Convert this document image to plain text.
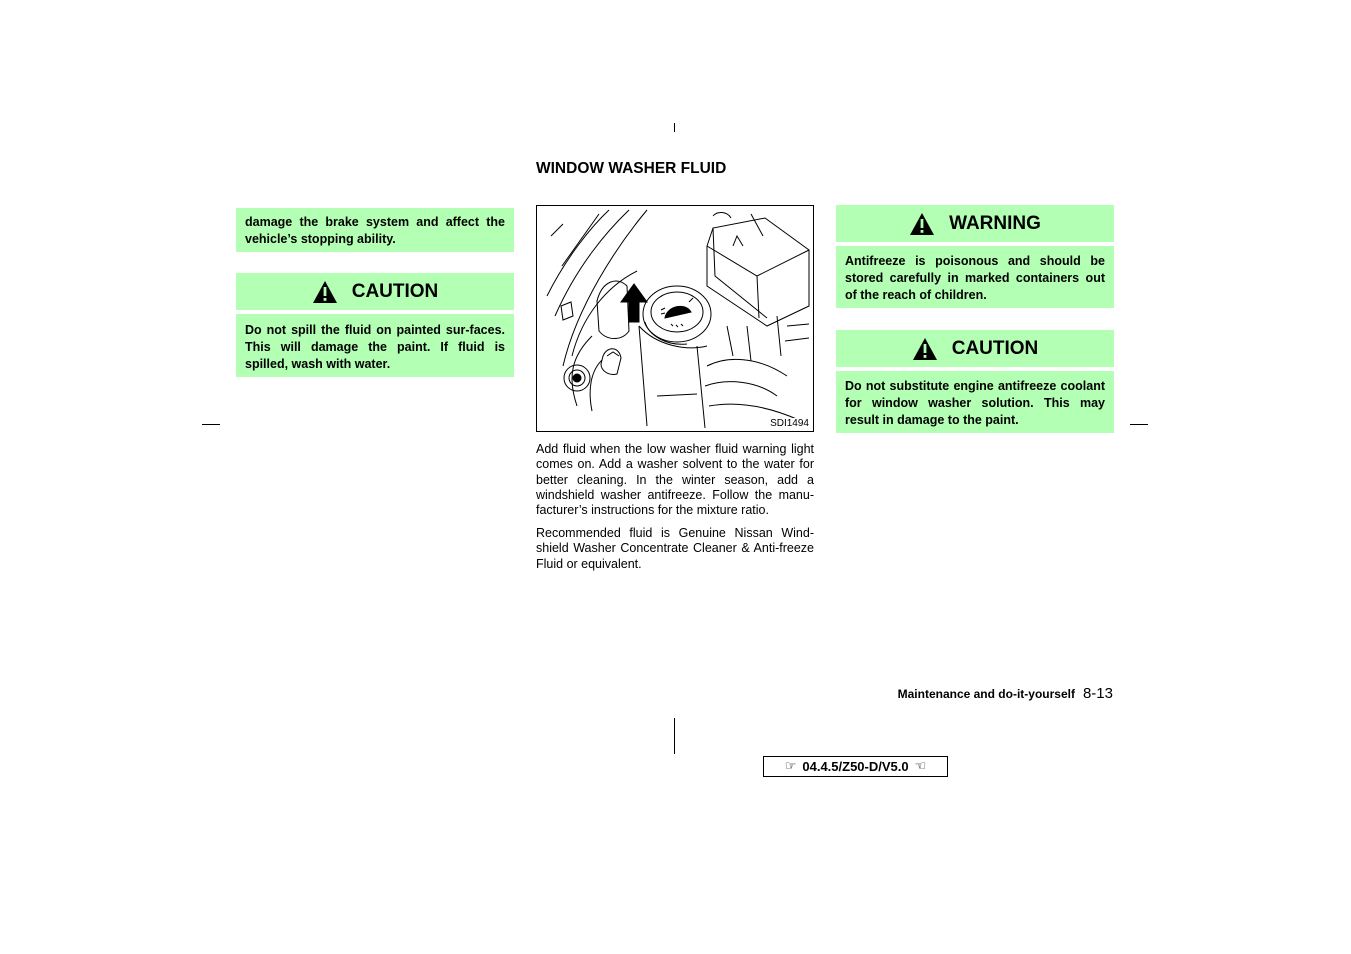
WINDOW WASHER FLUID
damage the brake system and affect the vehicle’s stopping ability.
CAUTION
Do not spill the fluid on painted sur-faces. This will damage the paint. If fluid is spilled, wash with water.
SDI1494
Add fluid when the low washer fluid warning light comes on. Add a washer solvent to the water for better cleaning. In the winter season, add a windshield washer antifreeze. Follow the manu-facturer’s instructions for the mixture ratio.
Recommended fluid is Genuine Nissan Wind-shield Washer Concentrate Cleaner & Anti-freeze Fluid or equivalent.
WARNING
Antifreeze is poisonous and should be stored carefully in marked containers out of the reach of children.
CAUTION
Do not substitute engine antifreeze coolant for window washer solution. This may result in damage to the paint.
Maintenance and do-it-yourself 8-13
☞ 04.4.5/Z50-D/V5.0 ☜
